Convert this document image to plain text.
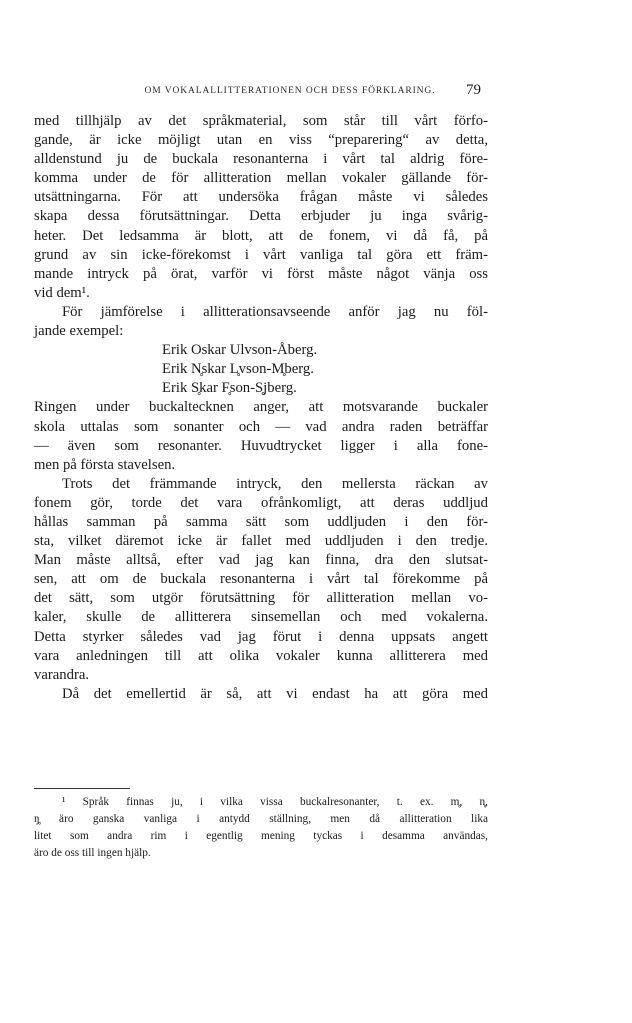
OM VOKALALLITTERATIONEN OCH DESS FÖRKLARING.	79
med tillhjälp av det språkmaterial, som står till vårt förfo-
gande, är icke möjligt utan en viss “preparering“ av detta,
alldenstund ju de buckala resonanterna i vårt tal aldrig före-
komma under de för allitteration mellan vokaler gällande för-
utsättningarna. För att undersöka frågan måste vi således
skapa dessa förutsättningar. Detta erbjuder ju inga svårig-
heter. Det ledsamma är blott, att de fonem, vi då få, på
grund av sin icke-förekomst i vårt vanliga tal göra ett främ-
mande intryck på örat, varför vi först måste något vänja oss
vid dem¹.
För jämförelse i allitterationsavseende anför jag nu föl-
jande exempel:
Erik Oskar Ulvson-Åberg.
Erik N̥skar L̥vson-M̥berg.
Erik S̥kar F̥son-S̥jberg.
Ringen under buckaltecknen anger, att motsvarande buckaler
skola uttalas som sonanter och — vad andra raden beträffar
— även som resonanter. Huvudtrycket ligger i alla fone-
men på första stavelsen.
Trots det främmande intryck, den mellersta räckan av
fonem gör, torde det vara ofrånkomligt, att deras uddljud
hållas samman på samma sätt som uddljuden i den för-
sta, vilket däremot icke är fallet med uddljuden i den tredje.
Man måste alltså, efter vad jag kan finna, dra den slutsat-
sen, att om de buckala resonanterna i vårt tal förekomme på
det sätt, som utgör förutsättning för allitteration mellan vo-
kaler, skulle de allitterera sinsemellan och med vokalerna.
Detta styrker således vad jag förut i denna uppsats angett
vara anledningen till att olika vokaler kunna allitterera med
varandra.
Då det emellertid är så, att vi endast ha att göra med
¹ Språk finnas ju, i vilka vissa buckalresonanter, t. ex. m̥, n̥,
ŋ̥ äro ganska vanliga i antydd ställning, men då allitteration lika
litet som andra rim i egentlig mening tyckas i desamma användas,
äro de oss till ingen hjälp.
